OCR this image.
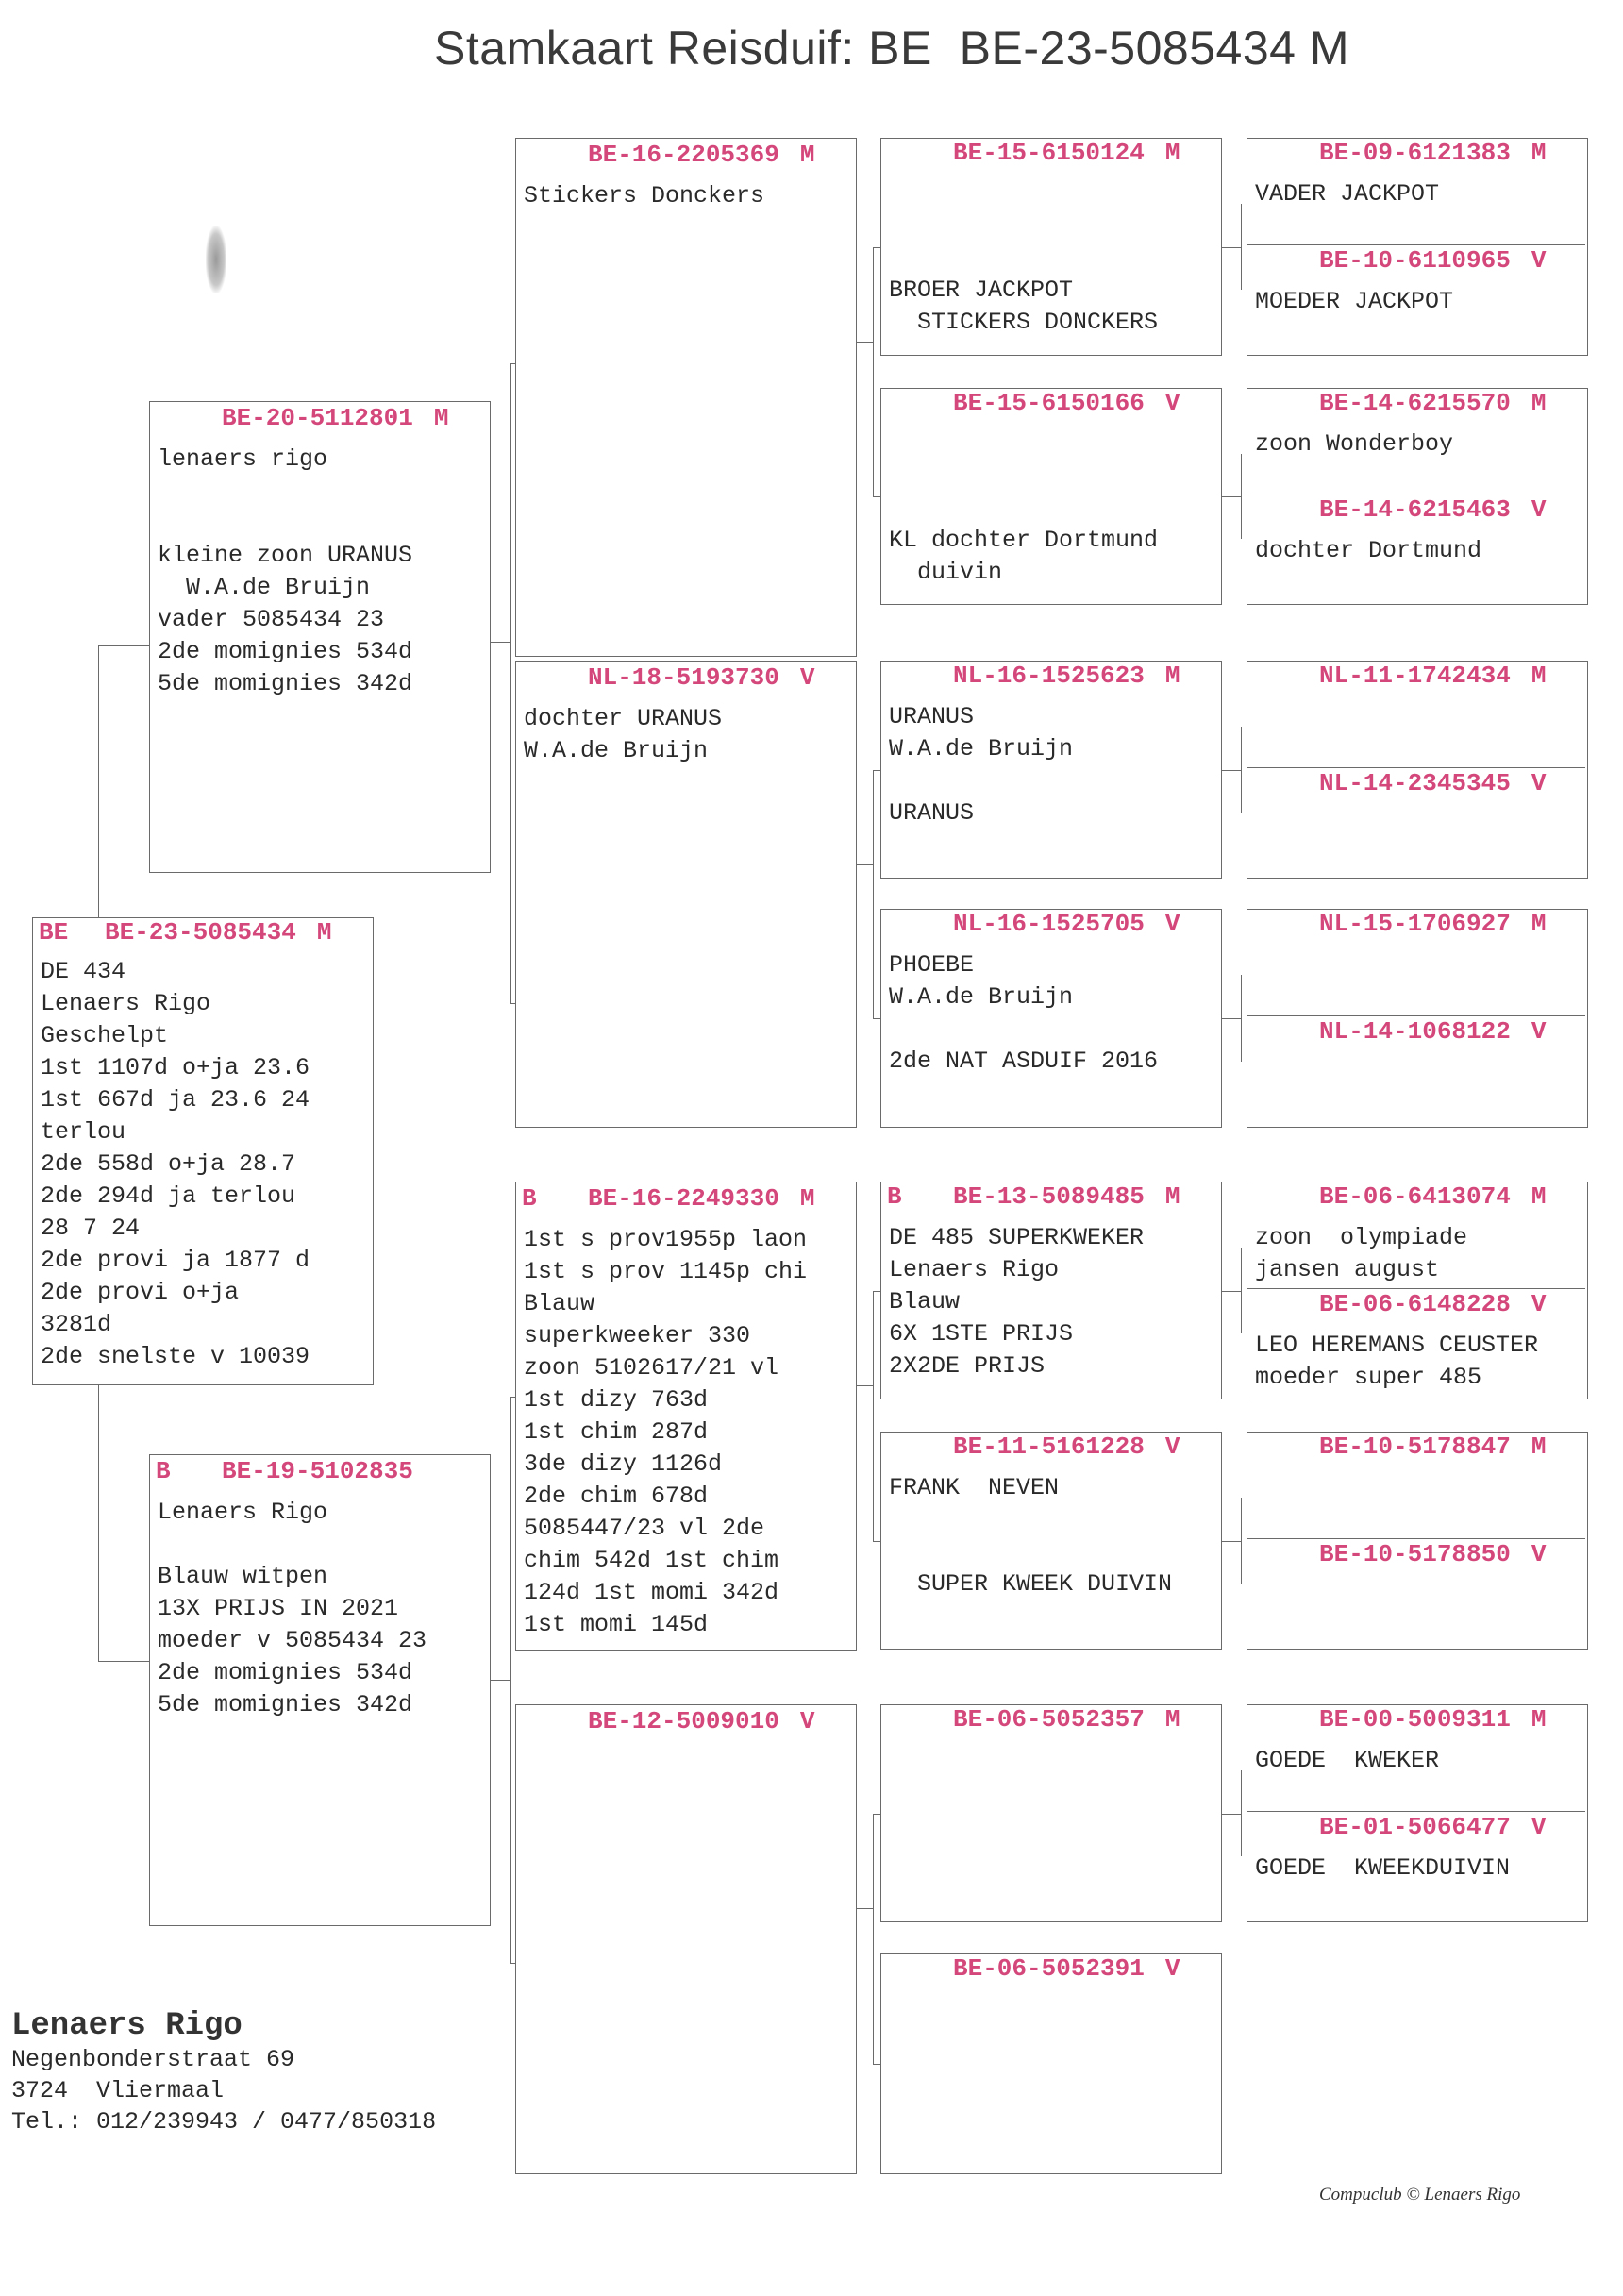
Stamkaart Reisduif: BE  BE-23-5085434 M
BE BE-23-5085434 M
DE 434
Lenaers Rigo
Geschelpt
1st 1107d o+ja 23.6
1st 667d ja 23.6 24
terlou
2de 558d o+ja 28.7
2de 294d ja terlou
28 7 24
2de provi ja 1877 d
2de provi o+ja
3281d
2de snelste v 10039
BE-20-5112801 M
lenaers rigo
kleine zoon URANUS
W.A.de Bruijn
vader 5085434 23
2de momignies 534d
5de momignies 342d
B BE-19-5102835
Lenaers Rigo
Blauw witpen
13X PRIJS IN 2021
moeder v 5085434 23
2de momignies 534d
5de momignies 342d
BE-16-2205369 M
Stickers Donckers
NL-18-5193730 V
dochter URANUS
W.A.de Bruijn
B BE-16-2249330 M
1st s prov1955p laon
1st s prov 1145p chi
Blauw
superkweeker 330
zoon 5102617/21 vl
1st dizy 763d
1st chim 287d
3de dizy 1126d
2de chim 678d
5085447/23 vl 2de
chim 542d 1st chim
124d 1st momi 342d
1st momi 145d
BE-12-5009010 V
BE-15-6150124 M
BROER JACKPOT
STICKERS DONCKERS
BE-15-6150166 V
KL dochter Dortmund
duivin
NL-16-1525623 M
URANUS
W.A.de Bruijn
URANUS
NL-16-1525705 V
PHOEBE
W.A.de Bruijn
2de NAT ASDUIF 2016
B BE-13-5089485 M
DE 485 SUPERKWEKER
Lenaers Rigo
Blauw
6X 1STE PRIJS
2X2DE PRIJS
BE-11-5161228 V
FRANK  NEVEN
SUPER KWEEK DUIVIN
BE-06-5052357 M
BE-06-5052391 V
BE-09-6121383 M
VADER JACKPOT
BE-10-6110965 V
MOEDER JACKPOT
BE-14-6215570 M
zoon Wonderboy
BE-14-6215463 V
dochter Dortmund
NL-11-1742434 M
NL-14-2345345 V
NL-15-1706927 M
NL-14-1068122 V
BE-06-6413074 M
zoon  olympiade
jansen august
BE-06-6148228 V
LEO HEREMANS CEUSTER
moeder super 485
BE-10-5178847 M
BE-10-5178850 V
BE-00-5009311 M
GOEDE  KWEKER
BE-01-5066477 V
GOEDE  KWEEKDUIVIN
Lenaers Rigo
Negenbonderstraat 69
3724  Vliermaal
Tel.: 012/239943 / 0477/850318
Compuclub © Lenaers Rigo
